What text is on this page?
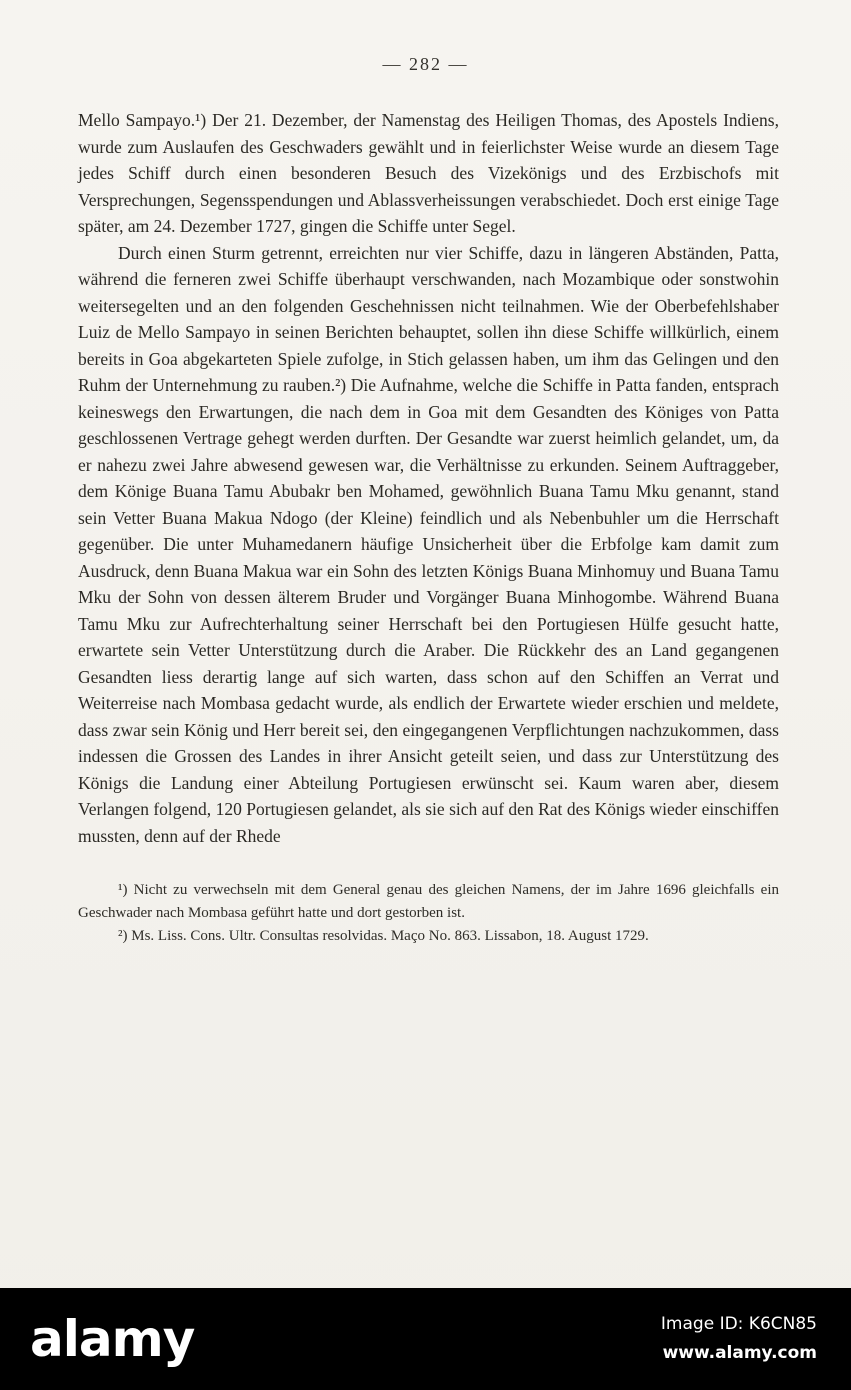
— 282 —

Mello Sampayo.¹) Der 21. Dezember, der Namenstag des Heiligen Thomas, des Apostels Indiens, wurde zum Auslaufen des Geschwaders gewählt und in feierlichster Weise wurde an diesem Tage jedes Schiff durch einen besonderen Besuch des Vizekönigs und des Erzbischofs mit Versprechungen, Segensspendungen und Ablassverheissungen verabschiedet. Doch erst einige Tage später, am 24. Dezember 1727, gingen die Schiffe unter Segel.

Durch einen Sturm getrennt, erreichten nur vier Schiffe, dazu in längeren Abständen, Patta, während die ferneren zwei Schiffe überhaupt verschwanden, nach Mozambique oder sonstwohin weitersegelten und an den folgenden Geschehnissen nicht teilnahmen. Wie der Oberbefehlshaber Luiz de Mello Sampayo in seinen Berichten behauptet, sollen ihn diese Schiffe willkürlich, einem bereits in Goa abgekarteten Spiele zufolge, in Stich gelassen haben, um ihm das Gelingen und den Ruhm der Unternehmung zu rauben.²) Die Aufnahme, welche die Schiffe in Patta fanden, entsprach keineswegs den Erwartungen, die nach dem in Goa mit dem Gesandten des Königes von Patta geschlossenen Vertrage gehegt werden durften. Der Gesandte war zuerst heimlich gelandet, um, da er nahezu zwei Jahre abwesend gewesen war, die Verhältnisse zu erkunden. Seinem Auftraggeber, dem Könige Buana Tamu Abubakr ben Mohamed, gewöhnlich Buana Tamu Mku genannt, stand sein Vetter Buana Makua Ndogo (der Kleine) feindlich und als Nebenbuhler um die Herrschaft gegenüber. Die unter Muhamedanern häufige Unsicherheit über die Erbfolge kam damit zum Ausdruck, denn Buana Makua war ein Sohn des letzten Königs Buana Minhomuy und Buana Tamu Mku der Sohn von dessen älterem Bruder und Vorgänger Buana Minhogombe. Während Buana Tamu Mku zur Aufrechterhaltung seiner Herrschaft bei den Portugiesen Hülfe gesucht hatte, erwartete sein Vetter Unterstützung durch die Araber. Die Rückkehr des an Land gegangenen Gesandten liess derartig lange auf sich warten, dass schon auf den Schiffen an Verrat und Weiterreise nach Mombasa gedacht wurde, als endlich der Erwartete wieder erschien und meldete, dass zwar sein König und Herr bereit sei, den eingegangenen Verpflichtungen nachzukommen, dass indessen die Grossen des Landes in ihrer Ansicht geteilt seien, und dass zur Unterstützung des Königs die Landung einer Abteilung Portugiesen erwünscht sei. Kaum waren aber, diesem Verlangen folgend, 120 Portugiesen gelandet, als sie sich auf den Rat des Königs wieder einschiffen mussten, denn auf der Rhede

¹) Nicht zu verwechseln mit dem General genau des gleichen Namens, der im Jahre 1696 gleichfalls ein Geschwader nach Mombasa geführt hatte und dort gestorben ist.

²) Ms. Liss. Cons. Ultr. Consultas resolvidas. Maço No. 863. Lissabon, 18. August 1729.

alamy	Image ID: K6CN85
www.alamy.com
